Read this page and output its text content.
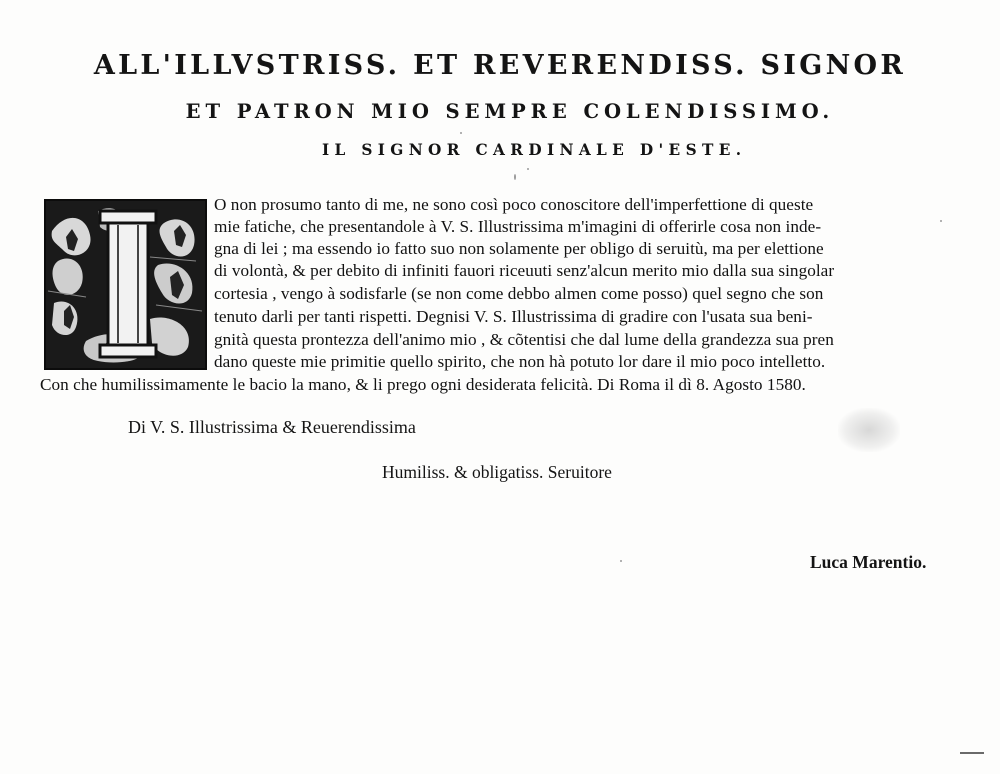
ALL'ILLVSTRISS. ET REVERENDISS. SIGNOR
ET PATRON MIO SEMPRE COLENDISSIMO.
IL SIGNOR CARDINALE D'ESTE.
O non prosumo tanto di me, ne sono così poco conoscitore dell'imperfettione di queste
mie fatiche, che presentandole à V. S. Illustrissima m'imagini di offerirle cosa non inde-
gna di lei ; ma essendo io fatto suo non solamente per obligo di seruitù, ma per elettione
di volontà, & per debito di infiniti fauori riceuuti senz'alcun merito mio dalla sua singolar
cortesia , vengo à sodisfarle (se non come debbo almen come posso) quel segno che son
tenuto darli per tanti rispetti. Degnisi V. S. Illustrissima di gradire con l'usata sua beni-
gnità questa prontezza dell'animo mio , & cõtentisi che dal lume della grandezza sua pren
dano queste mie primitie quello spirito, che non hà potuto lor dare il mio poco intelletto.
Con che humilissimamente le bacio la mano, & li prego ogni desiderata felicità. Di Roma il dì 8. Agosto 1580.
Di V. S. Illustrissima & Reuerendissima
Humiliss. & obligatiss. Seruitore
Luca Marentio.
